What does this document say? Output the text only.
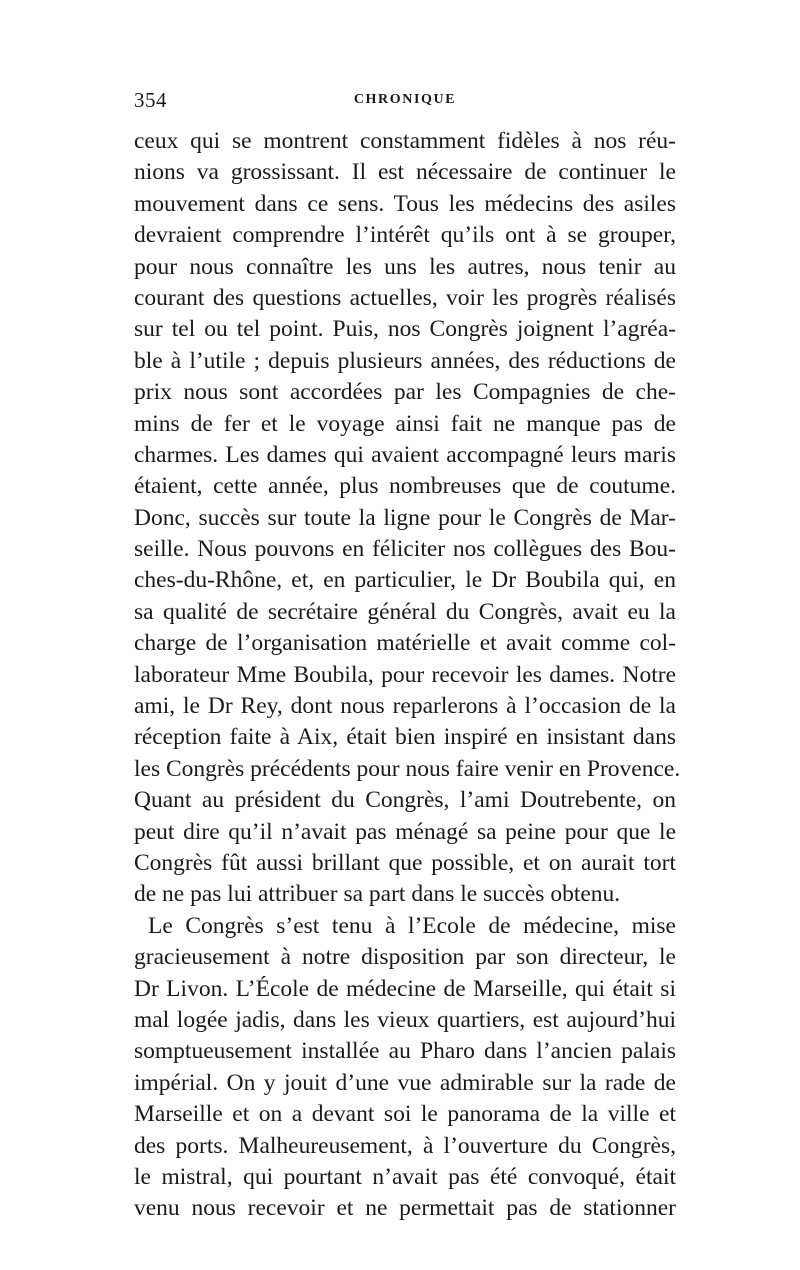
354	CHRONIQUE
ceux qui se montrent constamment fidèles à nos réu-
nions va grossissant. Il est nécessaire de continuer le
mouvement dans ce sens. Tous les médecins des asiles
devraient comprendre l’intérêt qu’ils ont à se grouper,
pour nous connaître les uns les autres, nous tenir au
courant des questions actuelles, voir les progrès réalisés
sur tel ou tel point. Puis, nos Congrès joignent l’agréa-
ble à l’utile ; depuis plusieurs années, des réductions de
prix nous sont accordées par les Compagnies de che-
mins de fer et le voyage ainsi fait ne manque pas de
charmes. Les dames qui avaient accompagné leurs maris
étaient, cette année, plus nombreuses que de coutume.
Donc, succès sur toute la ligne pour le Congrès de Mar-
seille. Nous pouvons en féliciter nos collègues des Bou-
ches-du-Rhône, et, en particulier, le Dr Boubila qui, en
sa qualité de secrétaire général du Congrès, avait eu la
charge de l’organisation matérielle et avait comme col-
laborateur Mme Boubila, pour recevoir les dames. Notre
ami, le Dr Rey, dont nous reparlerons à l’occasion de la
réception faite à Aix, était bien inspiré en insistant dans
les Congrès précédents pour nous faire venir en Provence.
Quant au président du Congrès, l’ami Doutrebente, on
peut dire qu’il n’avait pas ménagé sa peine pour que le
Congrès fût aussi brillant que possible, et on aurait tort
de ne pas lui attribuer sa part dans le succès obtenu.
Le Congrès s’est tenu à l’Ecole de médecine, mise
gracieusement à notre disposition par son directeur, le
Dr Livon. L’École de médecine de Marseille, qui était si
mal logée jadis, dans les vieux quartiers, est aujourd’hui
somptueusement installée au Pharo dans l’ancien palais
impérial. On y jouit d’une vue admirable sur la rade de
Marseille et on a devant soi le panorama de la ville et
des ports. Malheureusement, à l’ouverture du Congrès,
le mistral, qui pourtant n’avait pas été convoqué, était
venu nous recevoir et ne permettait pas de stationner
